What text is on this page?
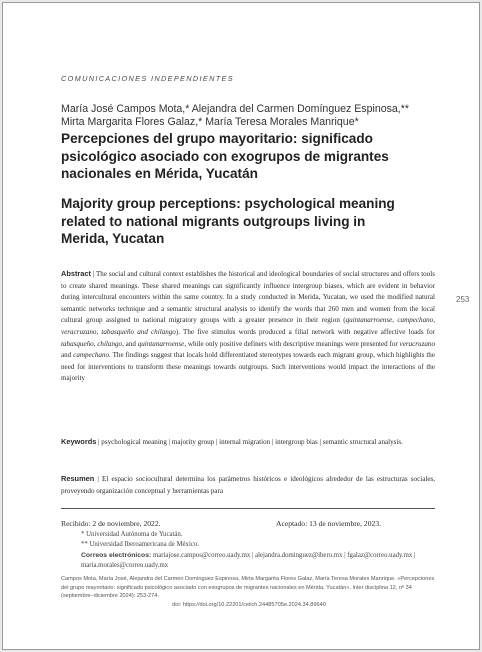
COMUNICACIONES INDEPENDIENTES

María José Campos Mota,* Alejandra del Carmen Domínguez Espinosa,**
Mirta Margarita Flores Galaz,* María Teresa Morales Manrique*
Percepciones del grupo mayoritario: significado psicológico asociado con exogrupos de migrantes nacionales en Mérida, Yucatán
Majority group perceptions: psychological meaning related to national migrants outgroups living in Merida, Yucatan
253

Abstract | The social and cultural context establishes the historical and ideological boundaries of social structures and offers tools to create shared meanings. These shared meanings can significantly influence intergroup biases, which are evident in behavior during intercultural encounters within the same country. In a study conducted in Merida, Yucatan, we used the modified natural semantic networks technique and a semantic structural analysis to identify the words that 260 men and women from the local cultural group assigned to national migratory groups with a greater presence in their region (quintanarroense, campechano, veracruzano, tabasqueño and chilango). The five stimulus words produced a filial network with negative affective loads for tabasqueño, chilango, and quintanarroense, while only positive definers with descriptive meanings were presented for veracruzano and campechano. The findings suggest that locals hold differentiated stereotypes towards each migrant group, which highlights the need for interventions to transform these meanings towards outgroups. Such interventions would impact the interactions of the majority

Keywords | psychological meaning | majority group | internal migration | intergroup bias | semantic structural analysis.

Resumen | El espacio sociocultural determina los parámetros históricos e ideológicos alrededor de las estructuras sociales, proveyendo organización conceptual y herramientas para

Recibido: 2 de noviembre, 2022.	Aceptado: 13 de noviembre, 2023.
* Universidad Autónoma de Yucatán.
** Universidad Iberoamericana de México.
Correos electrónicos: mariajose.campos@correo.uady.mx | alejandra.dominguez@ibero.mx | fgalaz@correo.uady.mx | maria.morales@correo.uady.mx
Campos Mota, María José, Alejandra del Carmen Domínguez Espinosa, Mirta Margarita Flores Galaz, María Teresa Morales Manrique. «Percepciones del grupo mayoritario: significado psicológico asociado con exogrupos de migrantes nacionales en Mérida, Yucatán». inter disciplina 12, nº 34 (septiembre–diciembre 2024): 253-274.
doi: https://doi.org/10.22201/ceiich.24485705e.2024.34.89640
